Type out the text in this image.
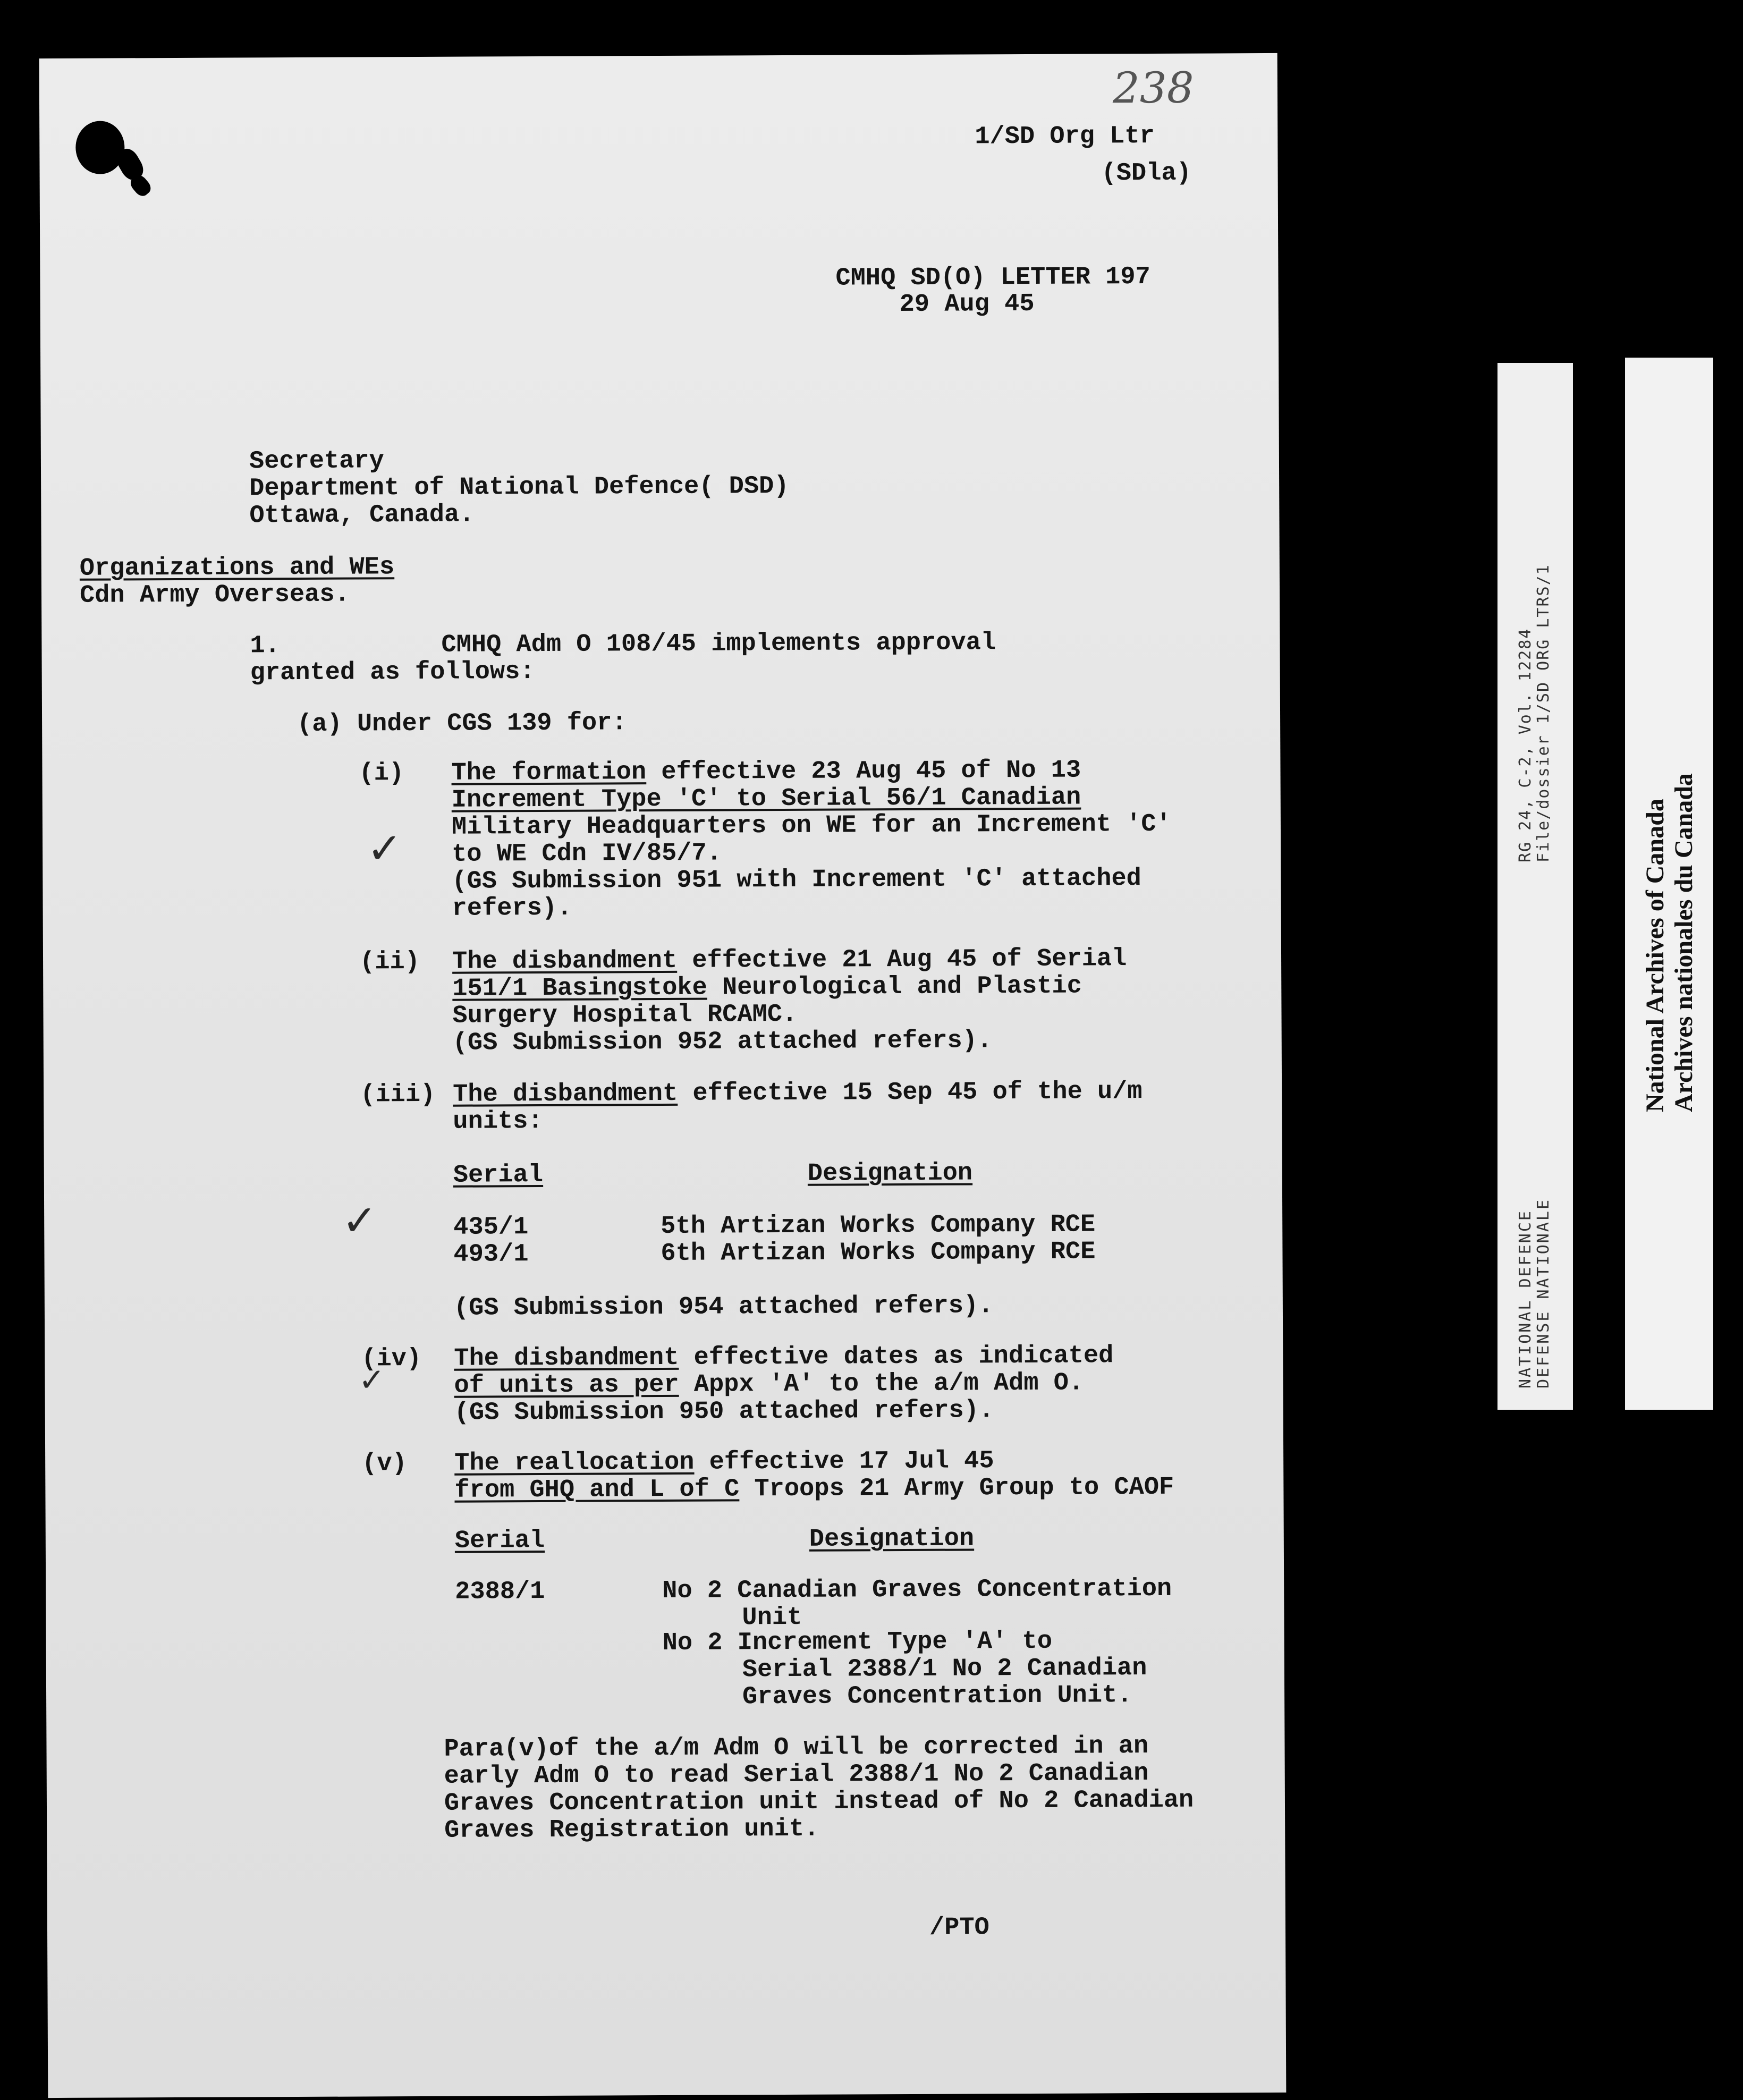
238
1/SD Org Ltr
(SDla)
CMHQ SD(O) LETTER 197
29 Aug 45
Secretary
Department of National Defence( DSD)
Ottawa, Canada.
Organizations and WEs
Cdn Army Overseas.
1.	CMHQ Adm O 108/45 implements approval
granted as follows:
(a) Under CGS 139 for:
(i) The formation effective 23 Aug 45 of No 13
Increment Type 'C' to Serial 56/1 Canadian
Military Headquarters on WE for an Increment 'C'
to WE Cdn IV/85/7.
(GS Submission 951 with Increment 'C' attached
refers).
✓
(ii) The disbandment effective 21 Aug 45 of Serial
151/1 Basingstoke Neurological and Plastic
Surgery Hospital RCAMC.
(GS Submission 952 attached refers).
(iii) The disbandment effective 15 Sep 45 of the u/m
units:
Serial	Designation
435/1	5th Artizan Works Company RCE
493/1	6th Artizan Works Company RCE
✓
(GS Submission 954 attached refers).
(iv) The disbandment effective dates as indicated
of units as per Appx 'A' to the a/m Adm O.
(GS Submission 950 attached refers).
✓
(v) The reallocation effective 17 Jul 45
from GHQ and L of C Troops 21 Army Group to CAOF
Serial	Designation
2388/1	No 2 Canadian Graves Concentration
Unit
No 2 Increment Type 'A' to
Serial 2388/1 No 2 Canadian
Graves Concentration Unit.
Para(v)of the a/m Adm O will be corrected in an
early Adm O to read Serial 2388/1 No 2 Canadian
Graves Concentration unit instead of No 2 Canadian
Graves Registration unit.
/PTO
NATIONAL DEFENCE DEFENSE NATIONALE
RG 24, C-2, Vol. 12284 File/dossier 1/SD ORG LTRS/1
National Archives of Canada Archives nationales du Canada
